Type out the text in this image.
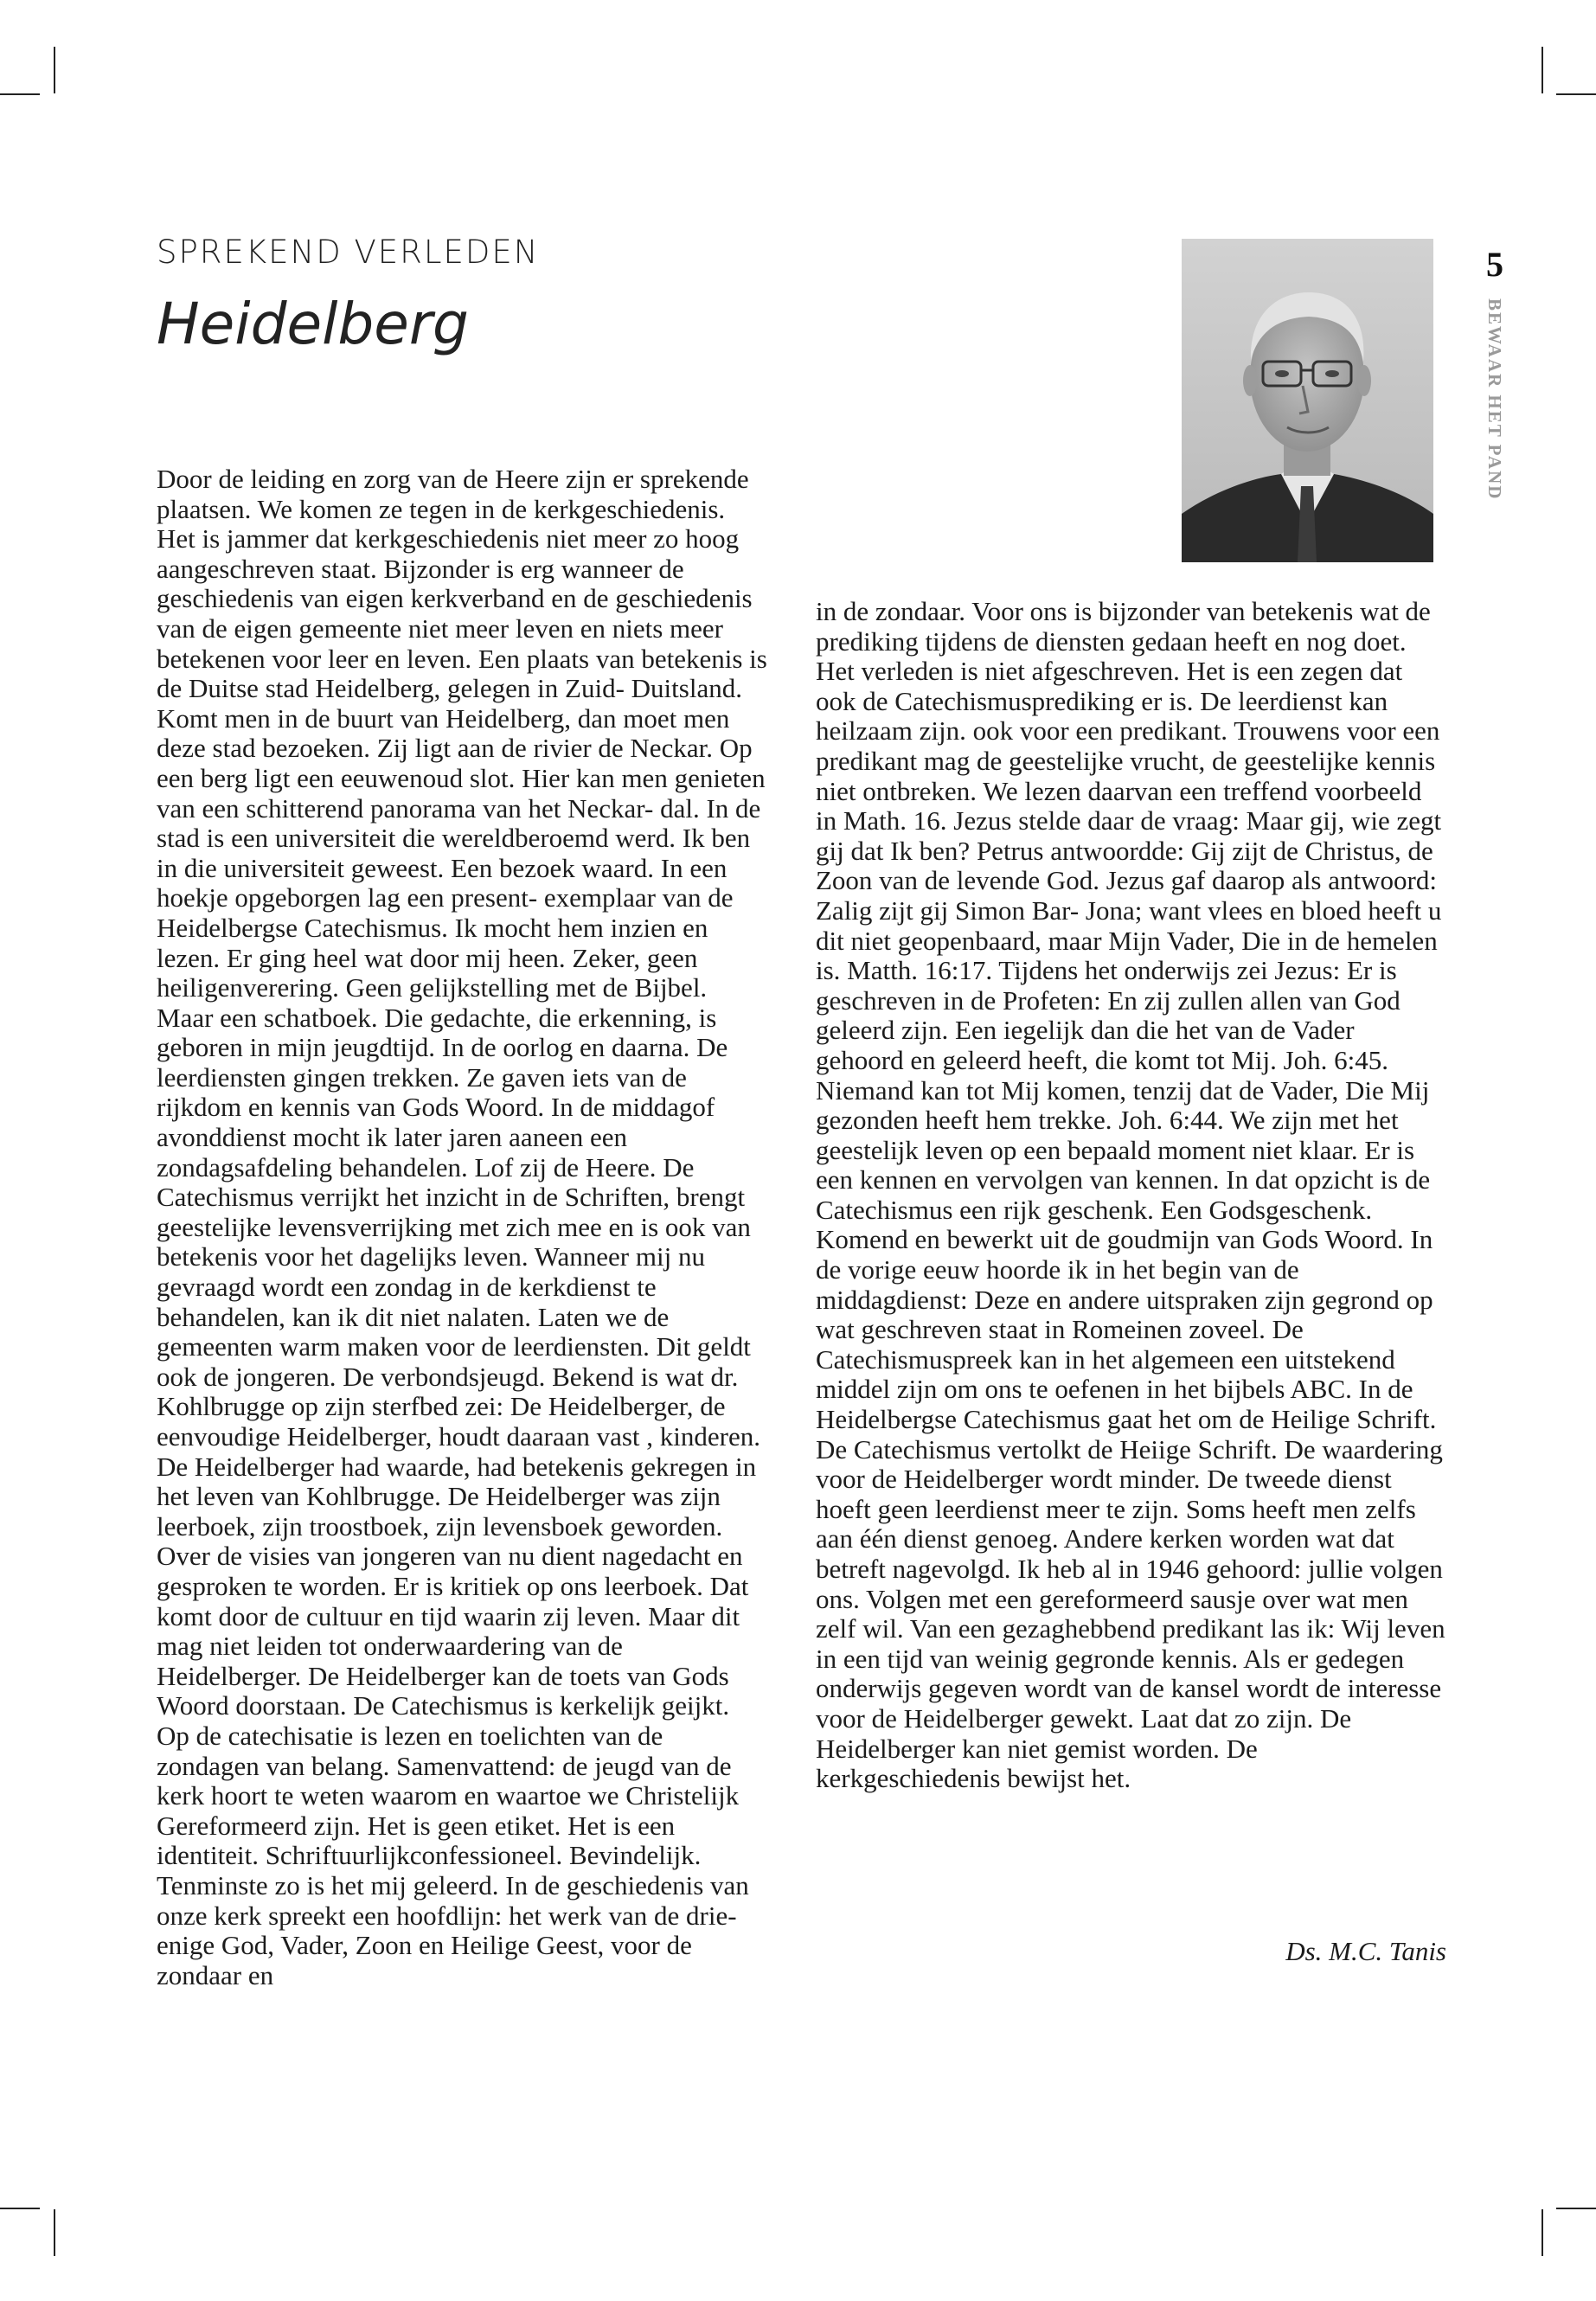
SPREKEND VERLEDEN
Heidelberg
5
BEWAAR HET PAND

Door de leiding en zorg van de Heere zijn er sprekende plaatsen. We komen ze tegen in de kerkgeschiedenis. Het is jammer dat kerkgeschiedenis niet meer zo hoog aangeschreven staat. Bijzonder is erg wanneer de geschiedenis van eigen kerkverband en de geschiedenis van de eigen gemeente niet meer leven en niets meer betekenen voor leer en leven. Een plaats van betekenis is de Duitse stad Heidelberg, gelegen in Zuid- Duitsland. Komt men in de buurt van Heidelberg, dan moet men deze stad bezoeken. Zij ligt aan de rivier de Neckar. Op een berg ligt een eeuwenoud slot. Hier kan men genieten van een schitterend panorama van het Neckar- dal. In de stad is een universiteit die wereldberoemd werd. Ik ben in die universiteit geweest. Een bezoek waard. In een hoekje opgeborgen lag een present- exemplaar van de Heidelbergse Catechismus. Ik mocht hem inzien en lezen. Er ging heel wat door mij heen. Zeker, geen heiligenverering. Geen gelijkstelling met de Bijbel. Maar een schatboek. Die gedachte, die erkenning, is geboren in mijn jeugdtijd. In de oorlog en daarna. De leerdiensten gingen trekken. Ze gaven iets van de rijkdom en kennis van Gods Woord. In de middagof avonddienst mocht ik later jaren aaneen een zondagsafdeling behandelen. Lof zij de Heere. De Catechismus verrijkt het inzicht in de Schriften, brengt geestelijke levensverrijking met zich mee en is ook van betekenis voor het dagelijks leven. Wanneer mij nu gevraagd wordt een zondag in de kerkdienst te behandelen, kan ik dit niet nalaten. Laten we de gemeenten warm maken voor de leerdiensten. Dit geldt ook de jongeren. De verbondsjeugd. Bekend is wat dr. Kohlbrugge op zijn sterfbed zei: De Heidelberger, de eenvoudige Heidelberger, houdt daaraan vast , kinderen. De Heidelberger had waarde, had betekenis gekregen in het leven van Kohlbrugge. De Heidelberger was zijn leerboek, zijn troostboek, zijn levensboek geworden. Over de visies van jongeren van nu dient nagedacht en gesproken te worden. Er is kritiek op ons leerboek. Dat komt door de cultuur en tijd waarin zij leven. Maar dit mag niet leiden tot onderwaardering van de Heidelberger. De Heidelberger kan de toets van Gods Woord doorstaan. De Catechismus is kerkelijk geijkt. Op de catechisatie is lezen en toelichten van de zondagen van belang. Samenvattend: de jeugd van de kerk hoort te weten waarom en waartoe we Christelijk Gereformeerd zijn. Het is geen etiket. Het is een identiteit. Schriftuurlijkconfessioneel. Bevindelijk. Tenminste zo is het mij geleerd. In de geschiedenis van onze kerk spreekt een hoofdlijn: het werk van de drie-enige God, Vader, Zoon en Heilige Geest, voor de zondaar en

in de zondaar. Voor ons is bijzonder van betekenis wat de prediking tijdens de diensten gedaan heeft en nog doet. Het verleden is niet afgeschreven. Het is een zegen dat ook de Catechismusprediking er is. De leerdienst kan heilzaam zijn. ook voor een predikant. Trouwens voor een predikant mag de geestelijke vrucht, de geestelijke kennis niet ontbreken. We lezen daarvan een treffend voorbeeld in Math. 16. Jezus stelde daar de vraag: Maar gij, wie zegt gij dat Ik ben? Petrus antwoordde: Gij zijt de Christus, de Zoon van de levende God. Jezus gaf daarop als antwoord: Zalig zijt gij Simon Bar- Jona; want vlees en bloed heeft u dit niet geopenbaard, maar Mijn Vader, Die in de hemelen is. Matth. 16:17. Tijdens het onderwijs zei Jezus: Er is geschreven in de Profeten: En zij zullen allen van God geleerd zijn. Een iegelijk dan die het van de Vader gehoord en geleerd heeft, die komt tot Mij. Joh. 6:45. Niemand kan tot Mij komen, tenzij dat de Vader, Die Mij gezonden heeft hem trekke. Joh. 6:44. We zijn met het geestelijk leven op een bepaald moment niet klaar. Er is een kennen en vervolgen van kennen. In dat opzicht is de Catechismus een rijk geschenk. Een Godsgeschenk. Komend en bewerkt uit de goudmijn van Gods Woord. In de vorige eeuw hoorde ik in het begin van de middagdienst: Deze en andere uitspraken zijn gegrond op wat geschreven staat in Romeinen zoveel. De Catechismuspreek kan in het algemeen een uitstekend middel zijn om ons te oefenen in het bijbels ABC. In de Heidelbergse Catechismus gaat het om de Heilige Schrift. De Catechismus vertolkt de Heiige Schrift. De waardering voor de Heidelberger wordt minder. De tweede dienst hoeft geen leerdienst meer te zijn. Soms heeft men zelfs aan één dienst genoeg. Andere kerken worden wat dat betreft nagevolgd. Ik heb al in 1946 gehoord: jullie volgen ons. Volgen met een gereformeerd sausje over wat men zelf wil. Van een gezaghebbend predikant las ik: Wij leven in een tijd van weinig gegronde kennis. Als er gedegen onderwijs gegeven wordt van de kansel wordt de interesse voor de Heidelberger gewekt. Laat dat zo zijn. De Heidelberger kan niet gemist worden. De kerkgeschiedenis bewijst het.

Ds. M.C. Tanis
